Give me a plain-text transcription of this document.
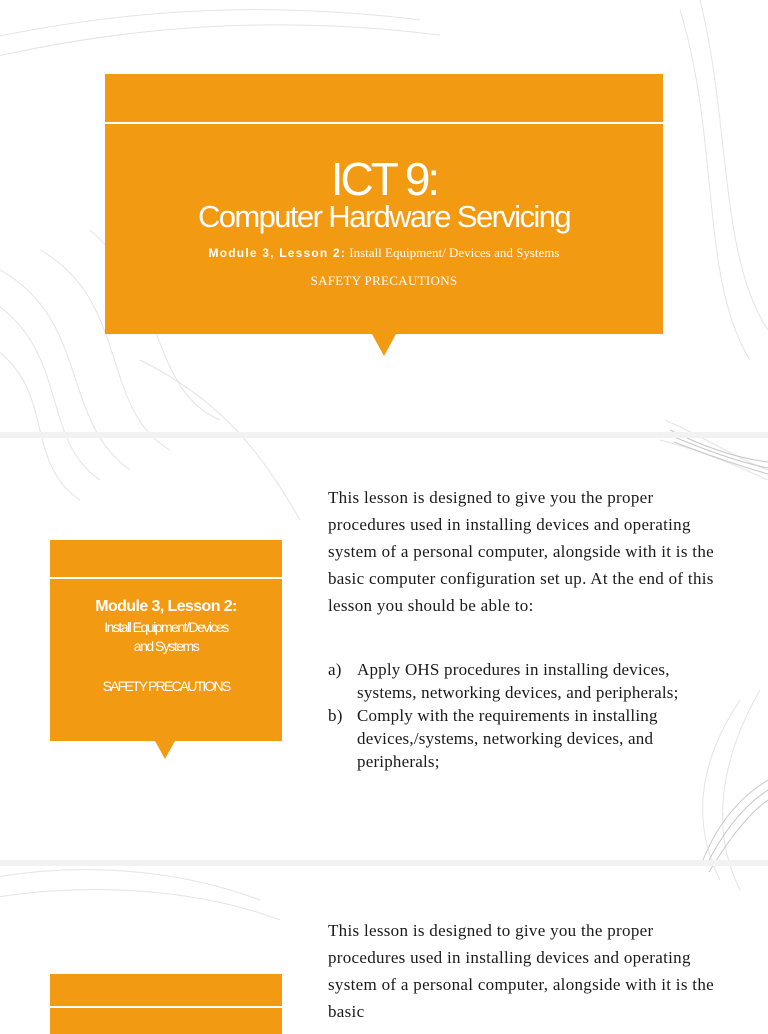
ICT 9:
Computer Hardware Servicing
Module 3, Lesson 2: Install Equipment/ Devices and Systems
SAFETY PRECAUTIONS
Module 3, Lesson 2:
Install Equipment/Devices
and Systems
SAFETY PRECAUTIONS

This lesson is designed to give you the proper procedures used in installing devices and operating system of a personal computer, alongside with it is the basic computer configuration set up. At the end of this lesson you should be able to:

a) Apply OHS procedures in installing devices, systems, networking devices, and peripherals;
b) Comply with the requirements in installing devices,/systems, networking devices, and peripherals;

This lesson is designed to give you the proper procedures used in installing devices and operating system of a personal computer, alongside with it is the basic
